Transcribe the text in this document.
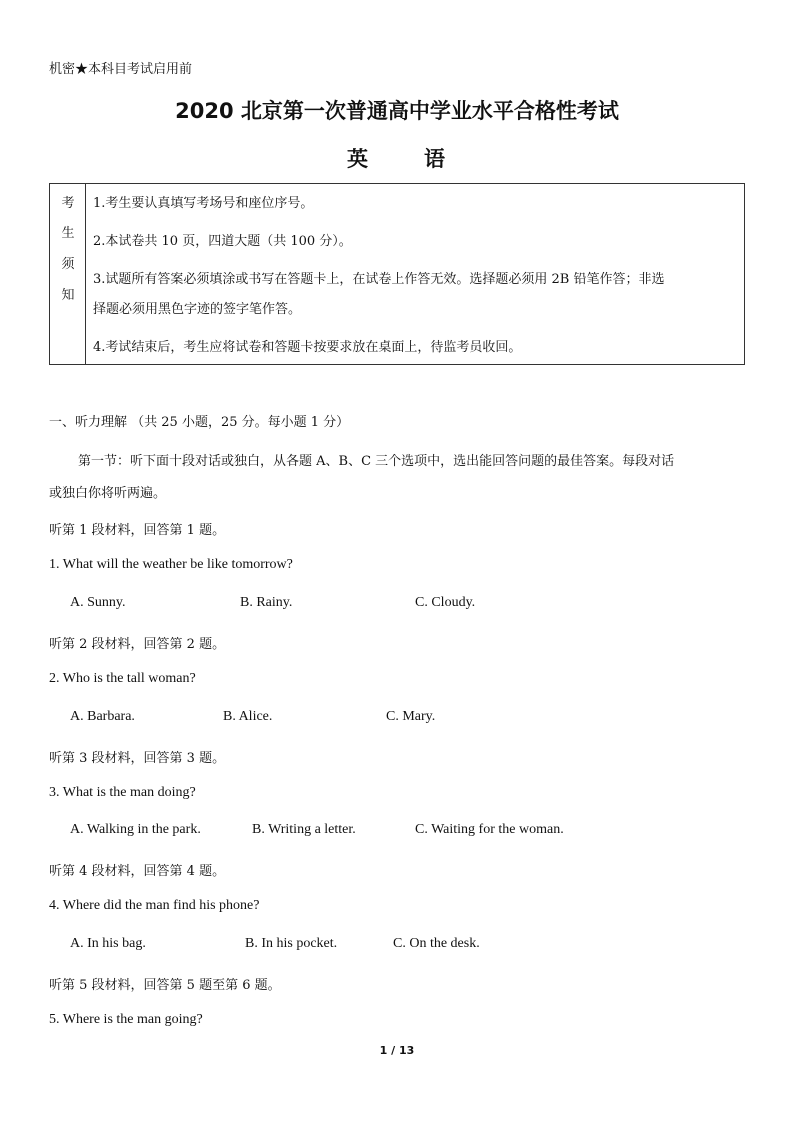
机密★本科目考试启用前
2020 北京第一次普通高中学业水平合格性考试
英	语
考
生
须
知
1.考生要认真填写考场号和座位序号。
2.本试卷共 10 页，四道大题（共 100 分）。
3.试题所有答案必须填涂或书写在答题卡上，在试卷上作答无效。选择题必须用 2B 铅笔作答；非选
择题必须用黑色字迹的签字笔作答。
4.考试结束后，考生应将试卷和答题卡按要求放在桌面上，待监考员收回。
一、听力理解 （共 25 小题，25 分。每小题 1 分）
第一节：听下面十段对话或独白，从各题 A、B、C 三个选项中，选出能回答问题的最佳答案。每段对话
或独白你将听两遍。
听第 1 段材料，回答第 1 题。
1. What will the weather be like tomorrow?
A. Sunny.	B. Rainy.	C. Cloudy.
听第 2 段材料，回答第 2 题。
2. Who is the tall woman?
A. Barbara.	B. Alice.	C. Mary.
听第 3 段材料，回答第 3 题。
3. What is the man doing?
A. Walking in the park.	B. Writing a letter.	C. Waiting for the woman.
听第 4 段材料，回答第 4 题。
4. Where did the man find his phone?
A. In his bag.	B. In his pocket.	C. On the desk.
听第 5 段材料，回答第 5 题至第 6 题。
5. Where is the man going?
1 / 13
